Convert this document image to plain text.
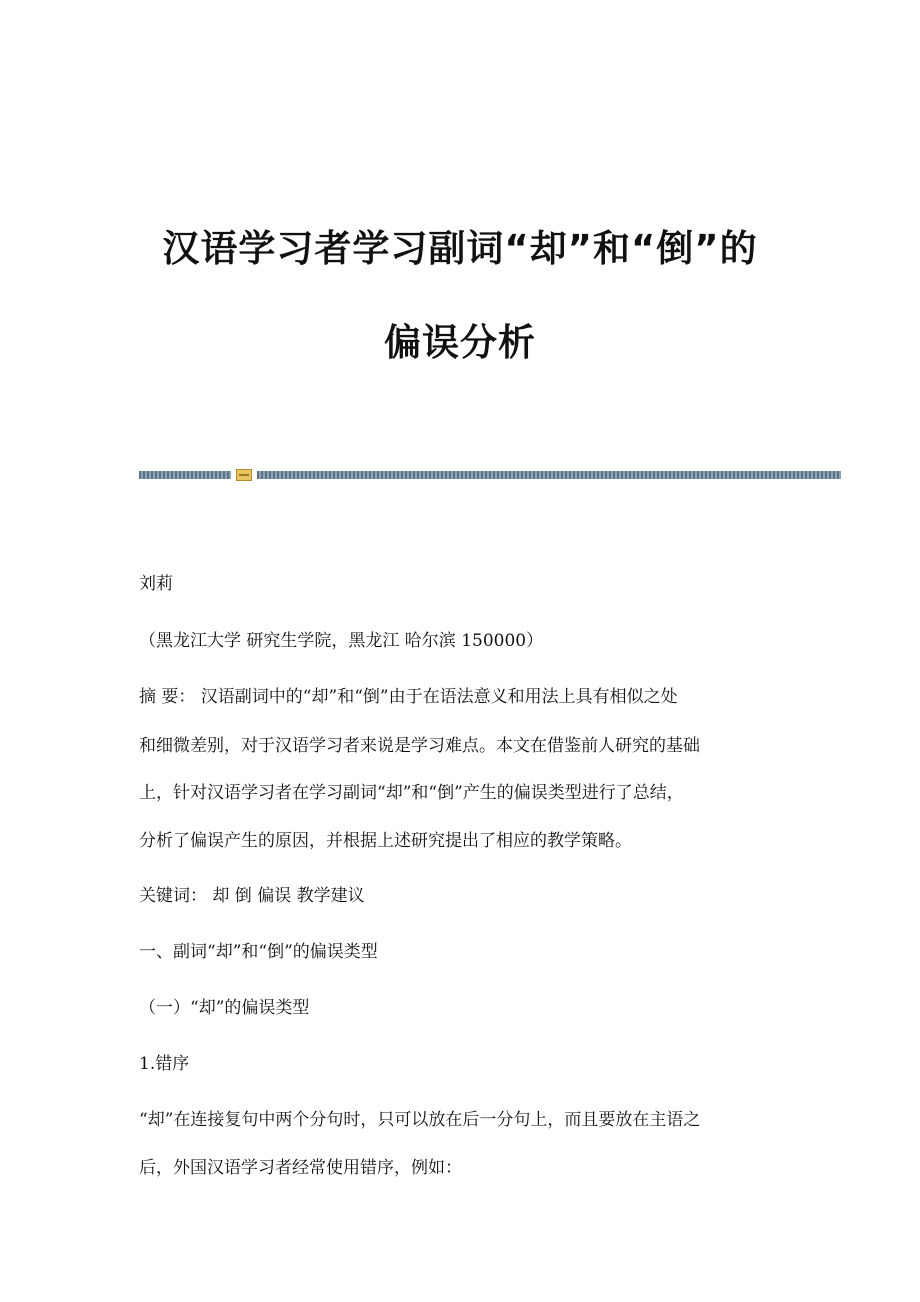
汉语学习者学习副词“却”和“倒”的
偏误分析
刘莉
（黑龙江大学 研究生学院，黑龙江 哈尔滨 150000）
摘 要： 汉语副词中的“却”和“倒”由于在语法意义和用法上具有相似之处
和细微差别，对于汉语学习者来说是学习难点。本文在借鉴前人研究的基础
上，针对汉语学习者在学习副词“却”和“倒”产生的偏误类型进行了总结，
分析了偏误产生的原因，并根据上述研究提出了相应的教学策略。
关键词： 却 倒 偏误 教学建议
一、副词“却”和“倒”的偏误类型
（一）“却”的偏误类型
1.错序
“却”在连接复句中两个分句时，只可以放在后一分句上，而且要放在主语之
后，外国汉语学习者经常使用错序，例如：
